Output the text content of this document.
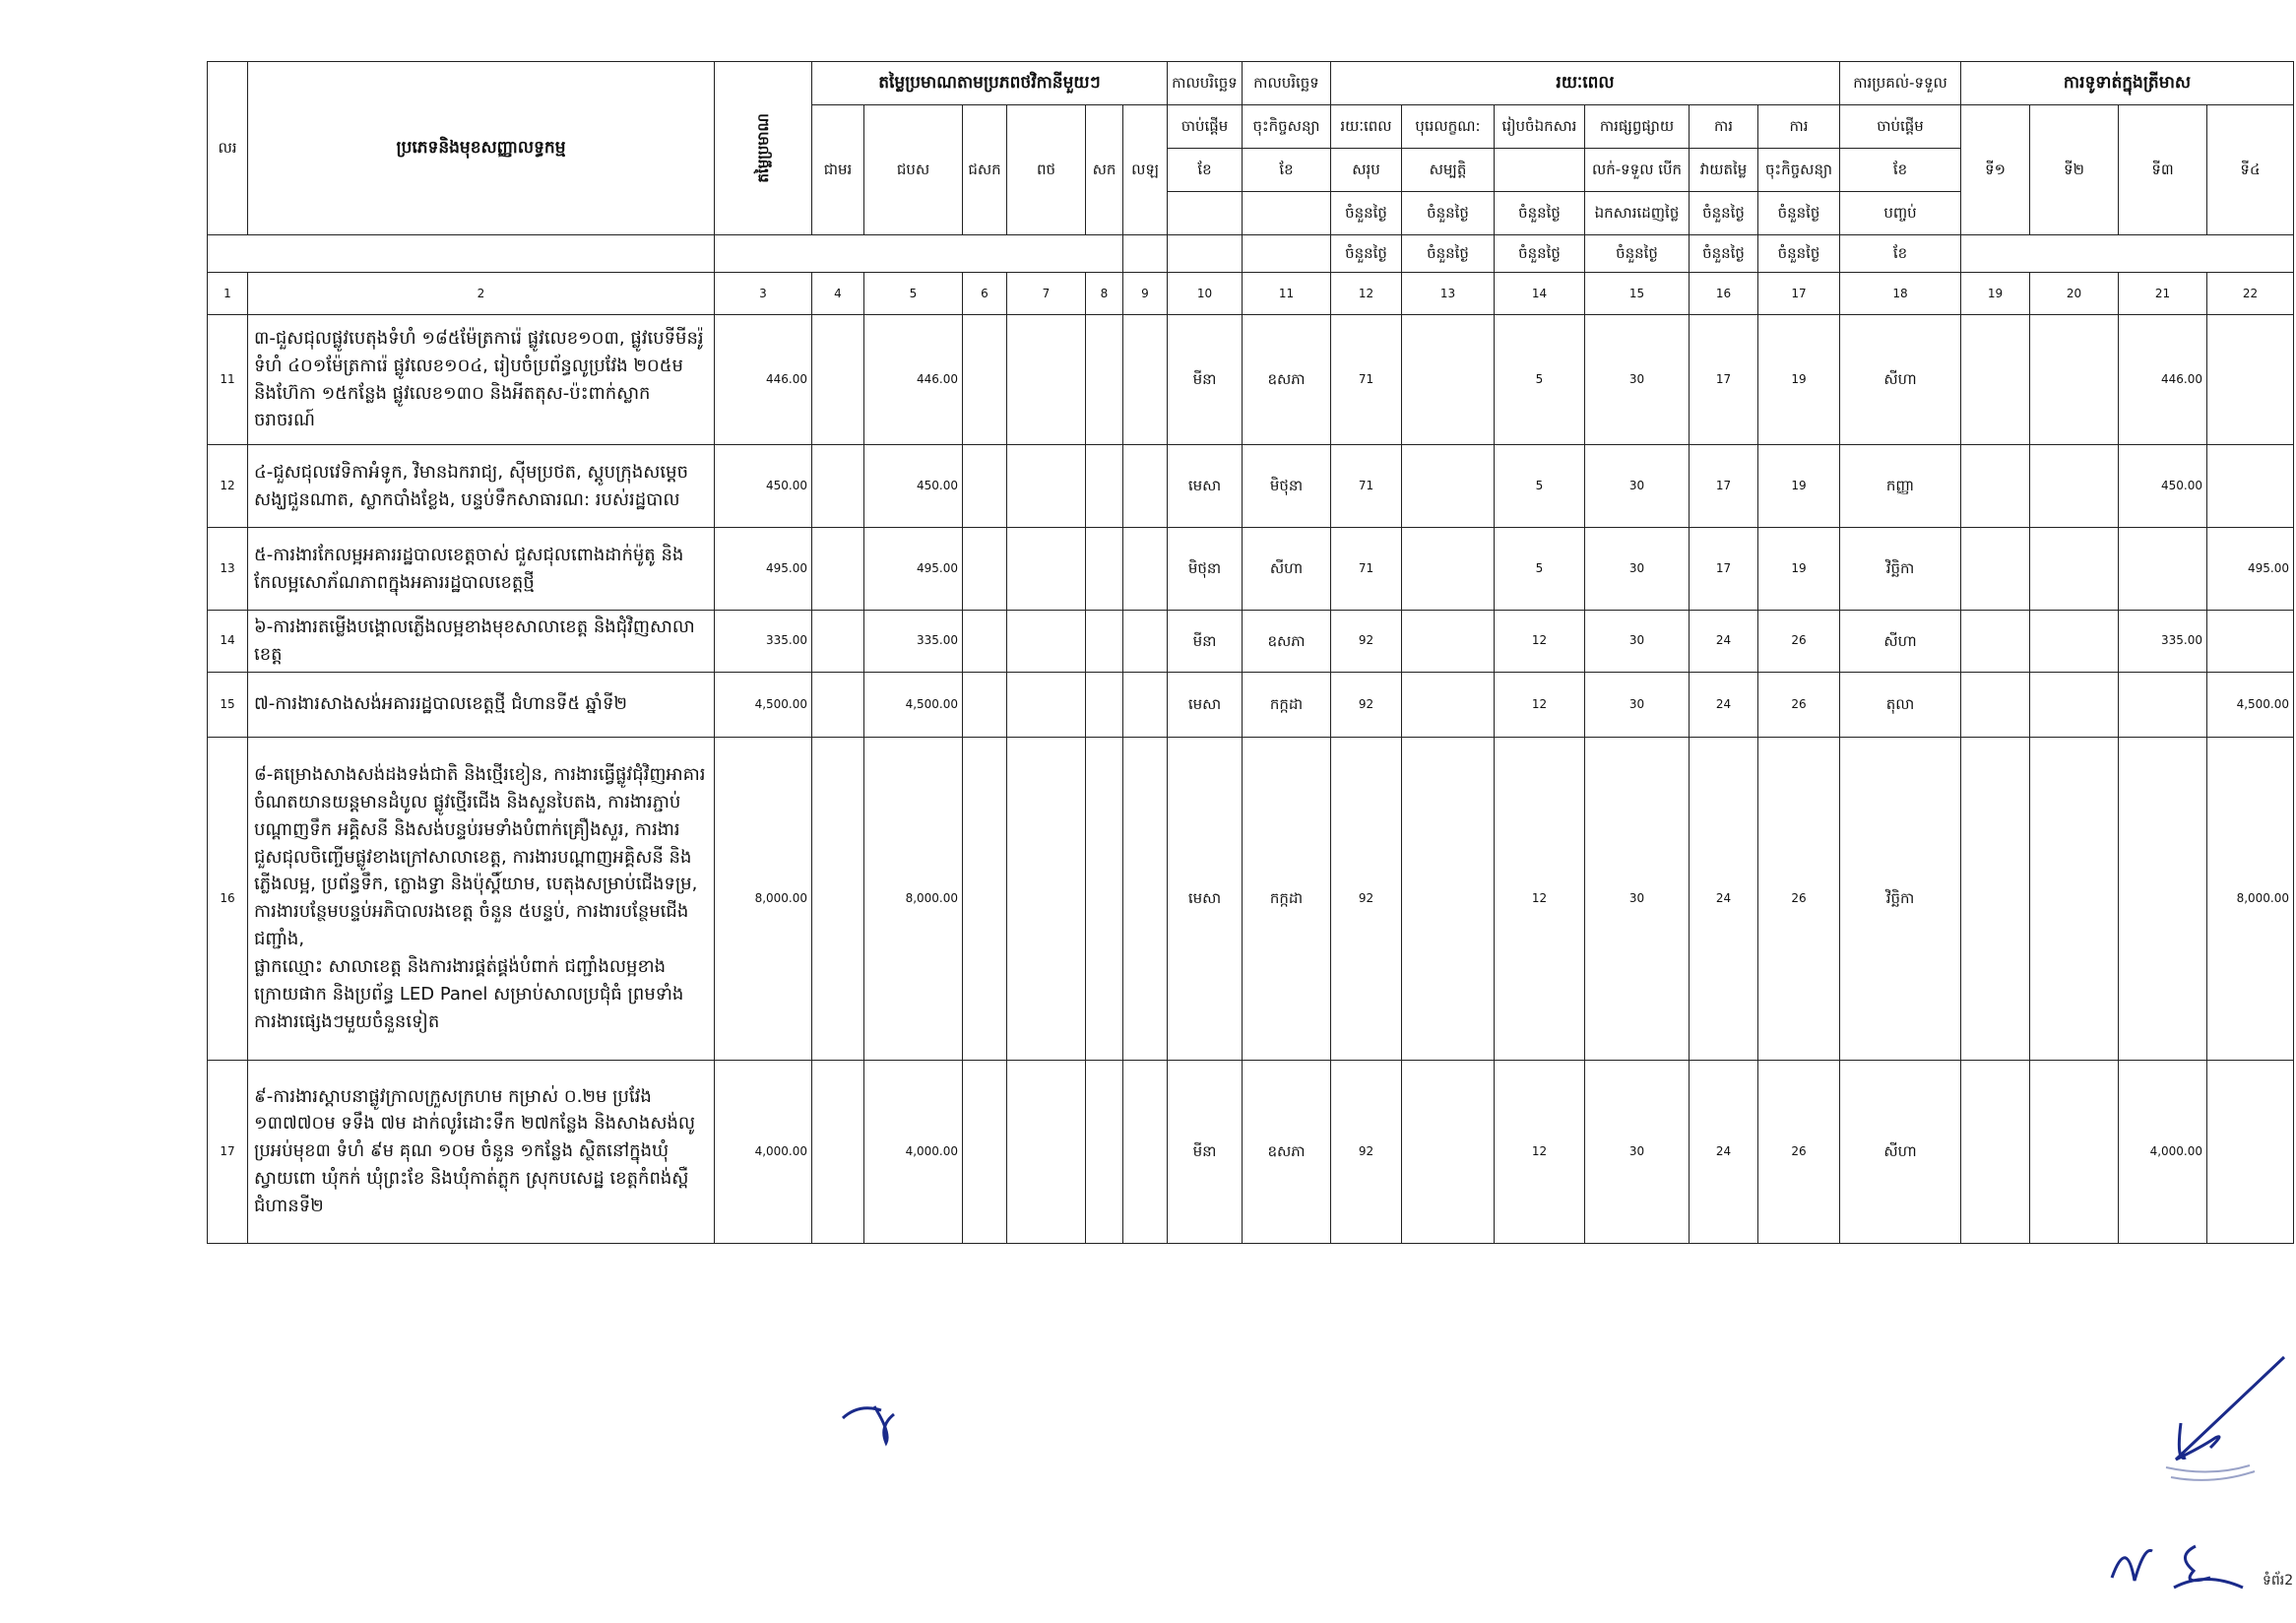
លរ	ប្រភេទនិងមុខសញ្ញាលទ្ធកម្ម	តម្លៃប្រមាណ	តម្លៃប្រមាណតាមប្រភពថវិកានីមួយៗ						កាលបរិច្ឆេទ	កាលបរិច្ឆេទ	រយៈពេល						ការប្រគល់-ទទួល	ការទូទាត់ក្នុងត្រីមាស			
			ជាមរ	ជបស	ជសក	ពថ	សក	លឡ	ចាប់ផ្តើម	ចុះកិច្ចសន្យា	រយៈពេល	បុរេលក្ខណ:	រៀបចំឯកសារ	ការផ្សព្វផ្សាយ	ការ	ការ	ចាប់ផ្តើម	ទី១	ទី២	ទី៣	ទី៤
									ខែ	ខែ	សរុប	សម្បត្តិ		លក់-ទទួល បើក	វាយតម្លៃ	ចុះកិច្ចសន្យា	ខែ				
											ចំនួនថ្ងៃ	ចំនួនថ្ងៃ	ចំនួនថ្ងៃ	ឯកសារដេញថ្លៃ	ចំនួនថ្ងៃ	ចំនួនថ្ងៃ	បញ្ចប់				
											ចំនួនថ្ងៃ	ចំនួនថ្ងៃ	ចំនួនថ្ងៃ	ចំនួនថ្ងៃ	ចំនួនថ្ងៃ	ចំនួនថ្ងៃ	ខែ				
1	2	3	4	5	6	7	8	9	10	11	12	13	14	15	16	17	18	19	20	21	22
11	៣-ជួសជុលផ្លូវបេតុងទំហំ ១៨៥ម៉ែត្រការ៉េ ផ្លូវលេខ១០៣, ផ្លូវបេទីមីនរ៉ូ ទំហំ ៤០១ម៉ែត្រការ៉េ ផ្លូវលេខ១០៤, រៀបចំប្រព័ន្ធលូប្រវែង ២០៥ម និងហ៊ែកា ១៥កន្លែង ផ្លូវលេខ១៣០ និងអីតតុស-ប៉ះពាក់ស្លាកចរាចរណ៍	446.00		446.00					មីនា	ឧសភា	71		5	30	17	19	សីហា			446.00	
12	៤-ជួសជុលវេទិកាអំទូក, វិមានឯករាជ្យ, ស៊ីមប្រថត, ស្តូបក្រុងសម្តេច សង្ឃជួនណាត, ស្លាកបាំងខ្លែង, បន្ទប់ទឹកសាធារណ: របស់រដ្ឋបាល	450.00		450.00					មេសា	មិថុនា	71		5	30	17	19	កញ្ញា			450.00	
13	៥-ការងារកែលម្អអគាររដ្ឋបាលខេត្តចាស់ ជួសជុលពោងដាក់ម៉ូតូ និងកែលម្អសោភ័ណភាពក្នុងអគាររដ្ឋបាលខេត្តថ្មី	495.00		495.00					មិថុនា	សីហា	71		5	30	17	19	វិច្ឆិកា				495.00
14	៦-ការងារតម្លើងបង្គោលភ្លើងលម្អខាងមុខសាលាខេត្ត និងជុំវិញសាលាខេត្ត	335.00		335.00					មីនា	ឧសភា	92		12	30	24	26	សីហា			335.00	
15	៧-ការងារសាងសង់អគាររដ្ឋបាលខេត្តថ្មី ជំហានទី៥ ឆ្នាំទី២	4,500.00		4,500.00					មេសា	កក្កដា	92		12	30	24	26	តុលា				4,500.00
16	៨-គម្រោងសាងសង់ដងទង់ជាតិ និងថ្មើរខៀន, ការងារធ្វើផ្លូវជុំវិញអាគារ ចំណតយានយន្តមានដំបូល ផ្លូវថ្មើរជើង និងសួនបៃតង, ការងារភ្ជាប់បណ្តាញទឹក អគ្គិសនី និងសង់បន្ទប់រមទាំងបំពាក់គ្រឿងសួរ, ការងារជួសជុលចិញ្ចើមផ្លូវខាងក្រៅសាលាខេត្ត, ការងារបណ្តាញអគ្គិសនី និងភ្លើងលម្អ, ប្រព័ន្ធទឹក, ក្លោងទ្វា និងប៉ុស្តិ៍យាម, បេតុងសម្រាប់ជើងទម្រ, ការងារបន្ថែមបន្ទប់អភិបាលរងខេត្ត ចំនួន ៥បន្ទប់, ការងារបន្ថែមជើងជញ្ជាំង,
ផ្លាកឈ្មោះ សាលាខេត្ត និងការងារផ្គត់ផ្គង់បំពាក់ ជញ្ជាំងលម្អខាងក្រោយផាក និងប្រព័ន្ធ LED Panel សម្រាប់សាលប្រជុំធំ ព្រមទាំងការងារផ្សេងៗមួយចំនួនទៀត	8,000.00		8,000.00					មេសា	កក្កដា	92		12	30	24	26	វិច្ឆិកា				8,000.00
17	៩-ការងារស្តាបនាផ្លូវក្រាលក្រួសក្រហម កម្រាស់ ០.២ម ប្រវែង ១៣៧៧០ម ទទឹង ៧ម ដាក់លូរំដោះទឹក ២៧កន្លែង និងសាងសង់លូប្រអប់មុខ៣ ទំហំ ៩ម គុណ ១០ម ចំនួន ១កន្លែង ស្ថិតនៅក្នុងឃុំស្វាយពោ ឃុំកក់ ឃុំព្រះខែ និងឃុំកាត់ភ្លុក ស្រុកបសេដ្ឋ ខេត្តកំពង់ស្ពឺ ជំហានទី២	4,000.00		4,000.00					មីនា	ឧសភា	92		12	30	24	26	សីហា			4,000.00	
ទំព័រ2
